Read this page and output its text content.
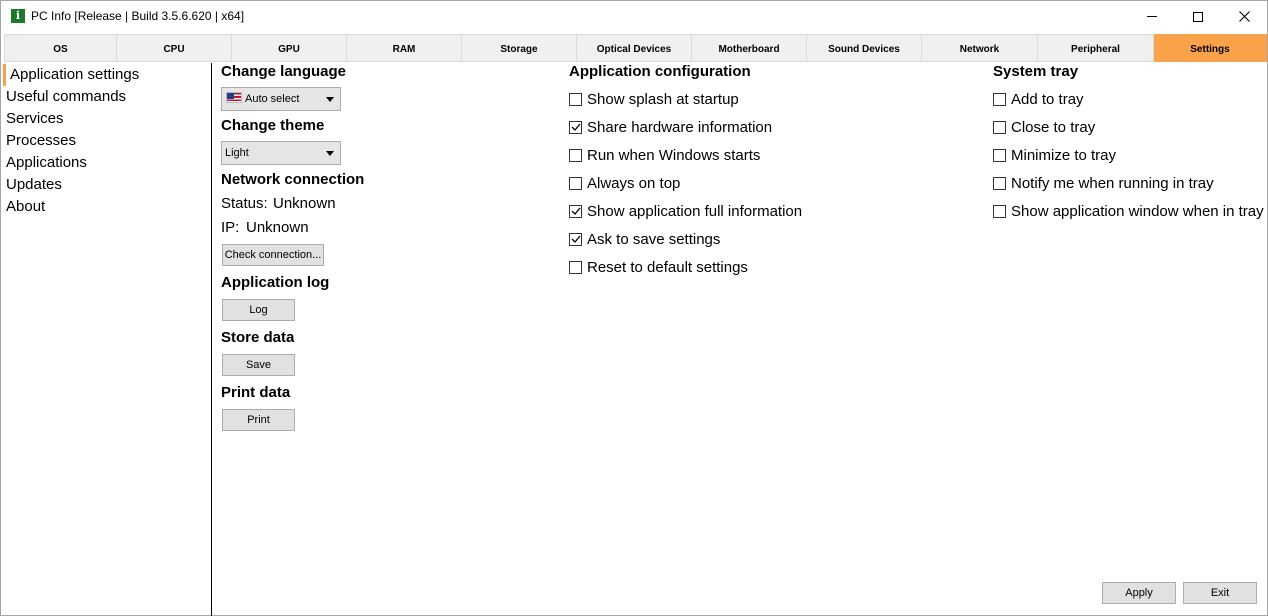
i PC Info [Release | Build 3.5.6.620 | x64]
OS	CPU	GPU	RAM	Storage	Optical Devices	Motherboard	Sound Devices	Network	Peripheral	Settings
Application settings
Useful commands
Services
Processes
Applications
Updates
About
Change language
Auto select
Change theme
Light
Network connection
Status: Unknown
IP: Unknown
Check connection...
Application log
Log
Store data
Save
Print data
Print
Application configuration
Show splash at startup
Share hardware information
Run when Windows starts
Always on top
Show application full information
Ask to save settings
Reset to default settings
System tray
Add to tray
Close to tray
Minimize to tray
Notify me when running in tray
Show application window when in tray
Apply	Exit
